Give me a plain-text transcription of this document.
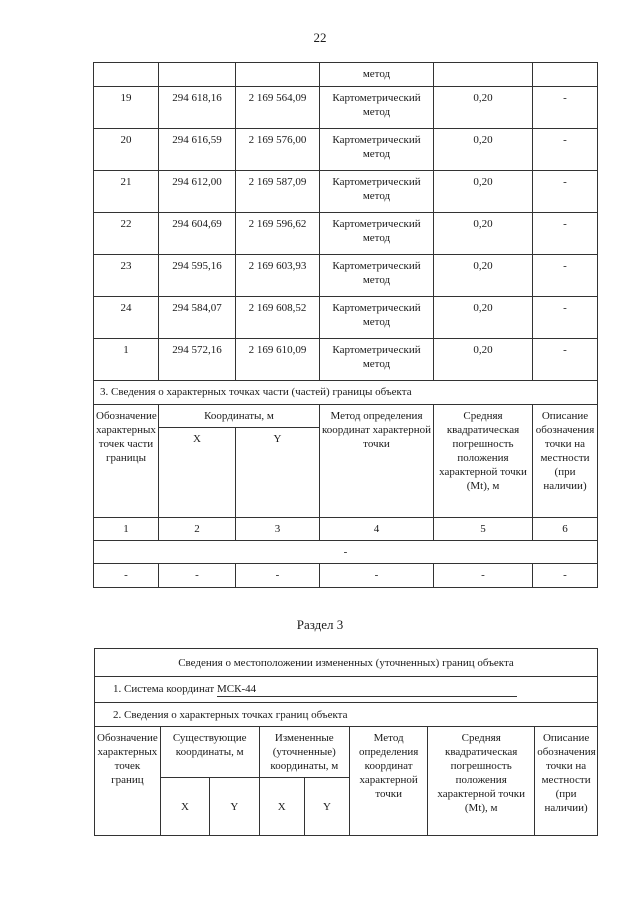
22
			метод		
19	294 618,16	2 169 564,09	Картометрический метод	0,20	-
20	294 616,59	2 169 576,00	Картометрический метод	0,20	-
21	294 612,00	2 169 587,09	Картометрический метод	0,20	-
22	294 604,69	2 169 596,62	Картометрический метод	0,20	-
23	294 595,16	2 169 603,93	Картометрический метод	0,20	-
24	294 584,07	2 169 608,52	Картометрический метод	0,20	-
1	294 572,16	2 169 610,09	Картометрический метод	0,20	-
3. Сведения о характерных точках части (частей) границы объекта					
Обозначение характерных точек части границы	Координаты, м		Метод определения координат характерной точки	Средняя квадратическая погрешность положения характерной точки (Mt), м	Описание обозначения точки на местности (при наличии)
	X	Y			
1	2	3	4	5	6
-					
-	-	-	-	-	-
Раздел 3
Сведения о местоположении измененных (уточненных) границ объекта							
1. Система координат МСК-44							
2. Сведения о характерных точках границ объекта							
Обозначение характерных точек границ	Существующие координаты, м		Измененные (уточненные) координаты, м		Метод определения координат характерной точки	Средняя квадратическая погрешность положения характерной точки (Mt), м	Описание обозначения точки на местности (при наличии)
	X	Y	X	Y			
